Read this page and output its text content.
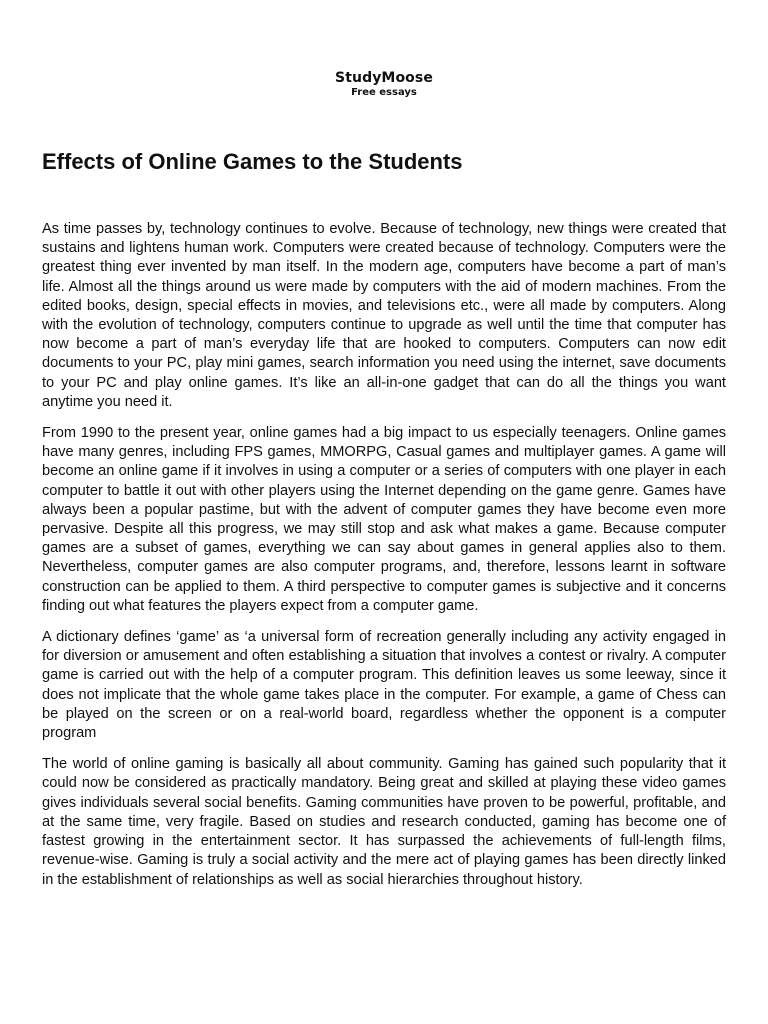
StudyMoose
Free essays
Effects of Online Games to the Students

As time passes by, technology continues to evolve. Because of technology, new things were created that sustains and lightens human work. Computers were created because of technology. Computers were the greatest thing ever invented by man itself. In the modern age, computers have become a part of man’s life. Almost all the things around us were made by computers with the aid of modern machines. From the edited books, design, special effects in movies, and televisions etc., were all made by computers. Along with the evolution of technology, computers continue to upgrade as well until the time that computer has now become a part of man’s everyday life that are hooked to computers. Computers can now edit documents to your PC, play mini games, search information you need using the internet, save documents to your PC and play online games. It’s like an all-in-one gadget that can do all the things you want anytime you need it.

From 1990 to the present year, online games had a big impact to us especially teenagers. Online games have many genres, including FPS games, MMORPG, Casual games and multiplayer games. A game will become an online game if it involves in using a computer or a series of computers with one player in each computer to battle it out with other players using the Internet depending on the game genre. Games have always been a popular pastime, but with the advent of computer games they have become even more pervasive. Despite all this progress, we may still stop and ask what makes a game. Because computer games are a subset of games, everything we can say about games in general applies also to them. Nevertheless, computer games are also computer programs, and, therefore, lessons learnt in software construction can be applied to them. A third perspective to computer games is subjective and it concerns finding out what features the players expect from a computer game.

A dictionary defines ‘game’ as ‘a universal form of recreation generally including any activity engaged in for diversion or amusement and often establishing a situation that involves a contest or rivalry. A computer game is carried out with the help of a computer program. This definition leaves us some leeway, since it does not implicate that the whole game takes place in the computer. For example, a game of Chess can be played on the screen or on a real-world board, regardless whether the opponent is a computer program

The world of online gaming is basically all about community. Gaming has gained such popularity that it could now be considered as practically mandatory. Being great and skilled at playing these video games gives individuals several social benefits. Gaming communities have proven to be powerful, profitable, and at the same time, very fragile. Based on studies and research conducted, gaming has become one of fastest growing in the entertainment sector. It has surpassed the achievements of full-length films, revenue-wise. Gaming is truly a social activity and the mere act of playing games has been directly linked in the establishment of relationships as well as social hierarchies throughout history.
